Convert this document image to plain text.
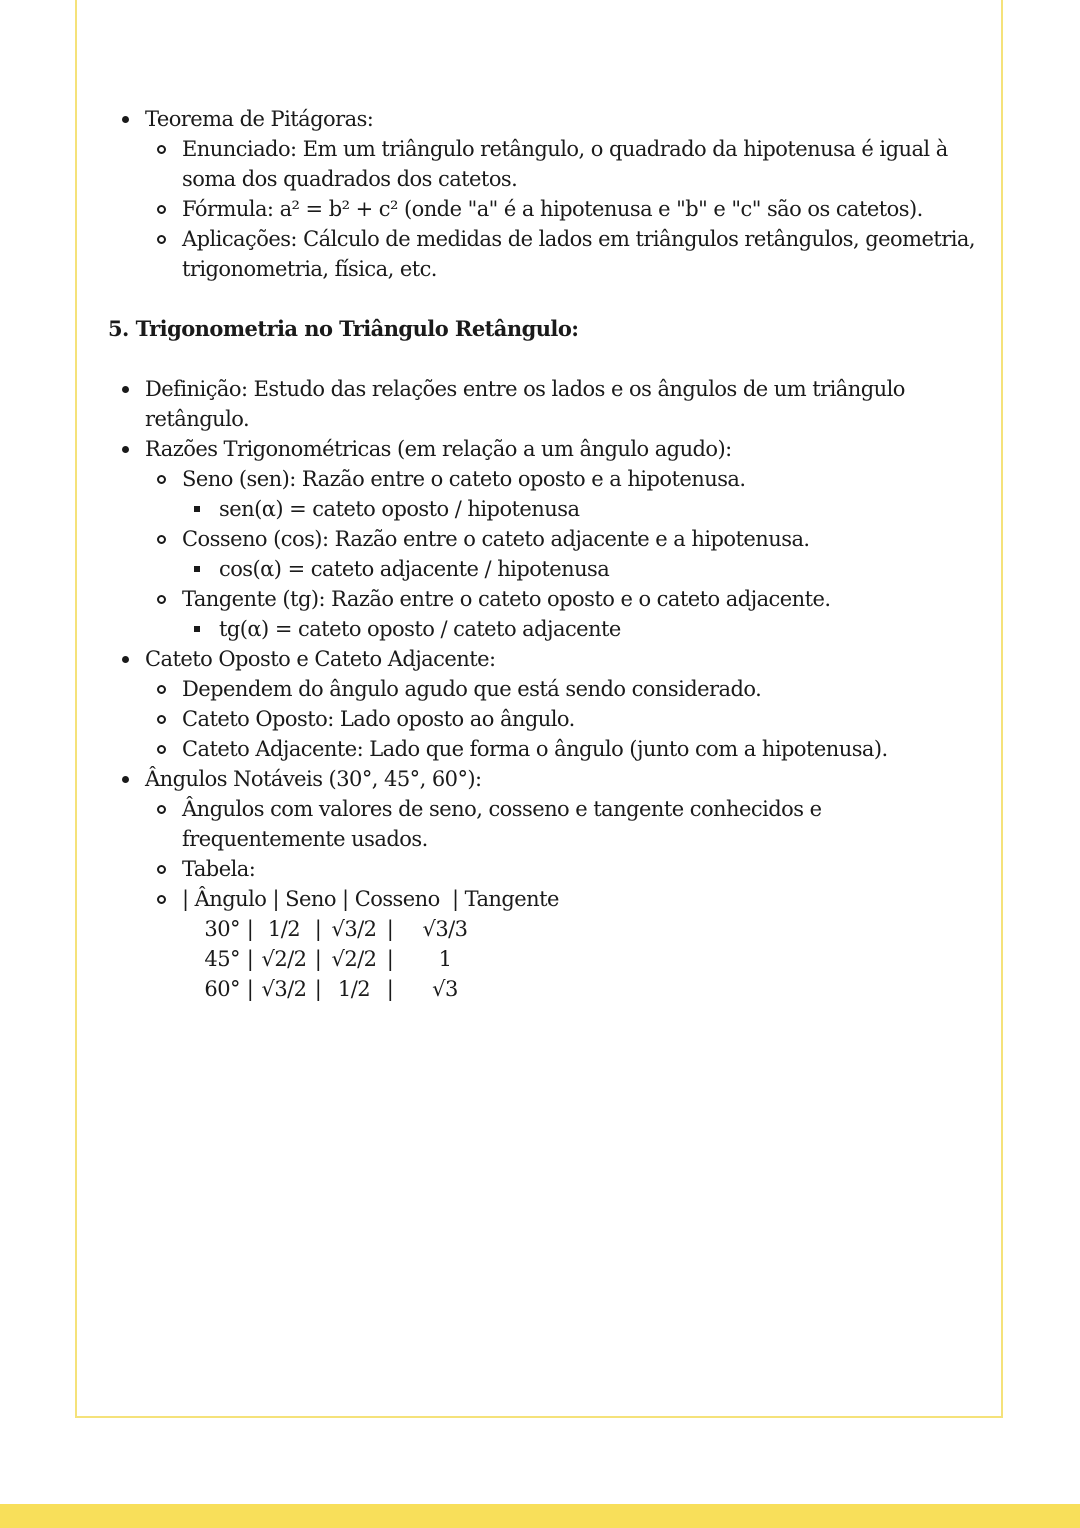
Teorema de Pitágoras:
Enunciado: Em um triângulo retângulo, o quadrado da hipotenusa é igual à soma dos quadrados dos catetos.
Fórmula: a² = b² + c² (onde "a" é a hipotenusa e "b" e "c" são os catetos).
Aplicações: Cálculo de medidas de lados em triângulos retângulos, geometria, trigonometria, física, etc.
5. Trigonometria no Triângulo Retângulo:
Definição: Estudo das relações entre os lados e os ângulos de um triângulo retângulo.
Razões Trigonométricas (em relação a um ângulo agudo):
Seno (sen): Razão entre o cateto oposto e a hipotenusa.
sen(α) = cateto oposto / hipotenusa
Cosseno (cos): Razão entre o cateto adjacente e a hipotenusa.
cos(α) = cateto adjacente / hipotenusa
Tangente (tg): Razão entre o cateto oposto e o cateto adjacente.
tg(α) = cateto oposto / cateto adjacente
Cateto Oposto e Cateto Adjacente:
Dependem do ângulo agudo que está sendo considerado.
Cateto Oposto: Lado oposto ao ângulo.
Cateto Adjacente: Lado que forma o ângulo (junto com a hipotenusa).
Ângulos Notáveis (30°, 45°, 60°):
Ângulos com valores de seno, cosseno e tangente conhecidos e frequentemente usados.
Tabela:
| Ângulo | Seno | Cosseno  | Tangente
30° | 1/2 | √3/2 |	√3/3
45° | √2/2 | √2/2 |	1
60° | √3/2 | 1/2 |	√3
